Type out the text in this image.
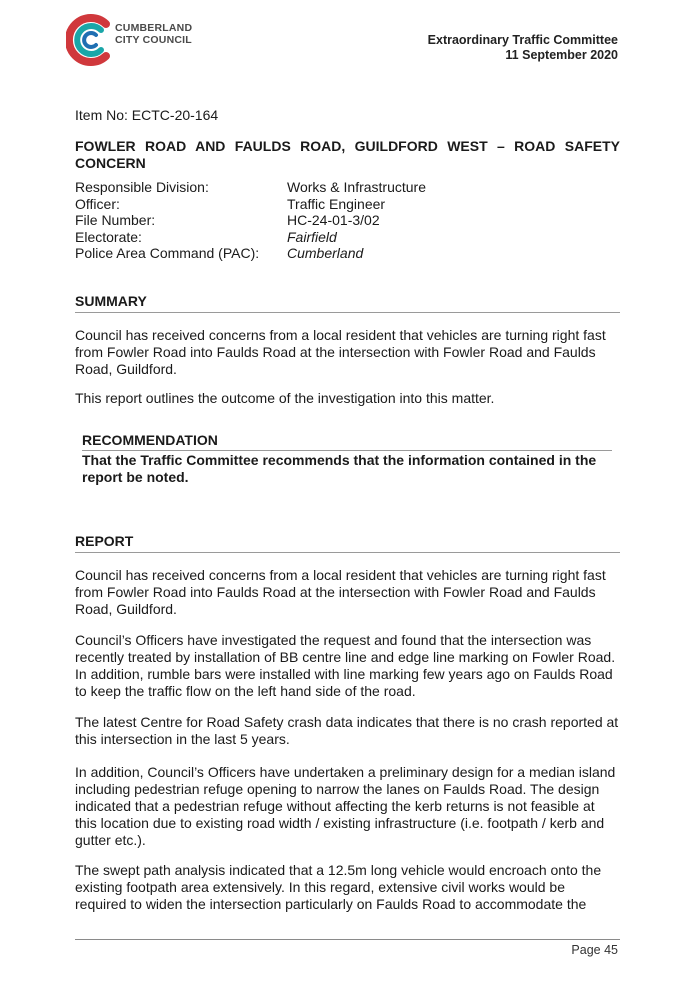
CUMBERLAND
CITY COUNCIL	Extraordinary Traffic Committee
11 September 2020
Item No: ECTC-20-164
FOWLER ROAD AND FAULDS ROAD, GUILDFORD WEST – ROAD SAFETY CONCERN
Responsible Division:	Works & Infrastructure
Officer:	Traffic Engineer
File Number:	HC-24-01-3/02
Electorate:	Fairfield
Police Area Command (PAC):	Cumberland
SUMMARY
Council has received concerns from a local resident that vehicles are turning right fast from Fowler Road into Faulds Road at the intersection with Fowler Road and Faulds Road, Guildford.
This report outlines the outcome of the investigation into this matter.
RECOMMENDATION
That the Traffic Committee recommends that the information contained in the report be noted.
REPORT
Council has received concerns from a local resident that vehicles are turning right fast from Fowler Road into Faulds Road at the intersection with Fowler Road and Faulds Road, Guildford.
Council’s Officers have investigated the request and found that the intersection was recently treated by installation of BB centre line and edge line marking on Fowler Road. In addition, rumble bars were installed with line marking few years ago on Faulds Road to keep the traffic flow on the left hand side of the road.
The latest Centre for Road Safety crash data indicates that there is no crash reported at this intersection in the last 5 years.
In addition, Council’s Officers have undertaken a preliminary design for a median island including pedestrian refuge opening to narrow the lanes on Faulds Road. The design indicated that a pedestrian refuge without affecting the kerb returns is not feasible at this location due to existing road width / existing infrastructure (i.e. footpath / kerb and gutter etc.).
The swept path analysis indicated that a 12.5m long vehicle would encroach onto the existing footpath area extensively. In this regard, extensive civil works would be required to widen the intersection particularly on Faulds Road to accommodate the
Page 45
